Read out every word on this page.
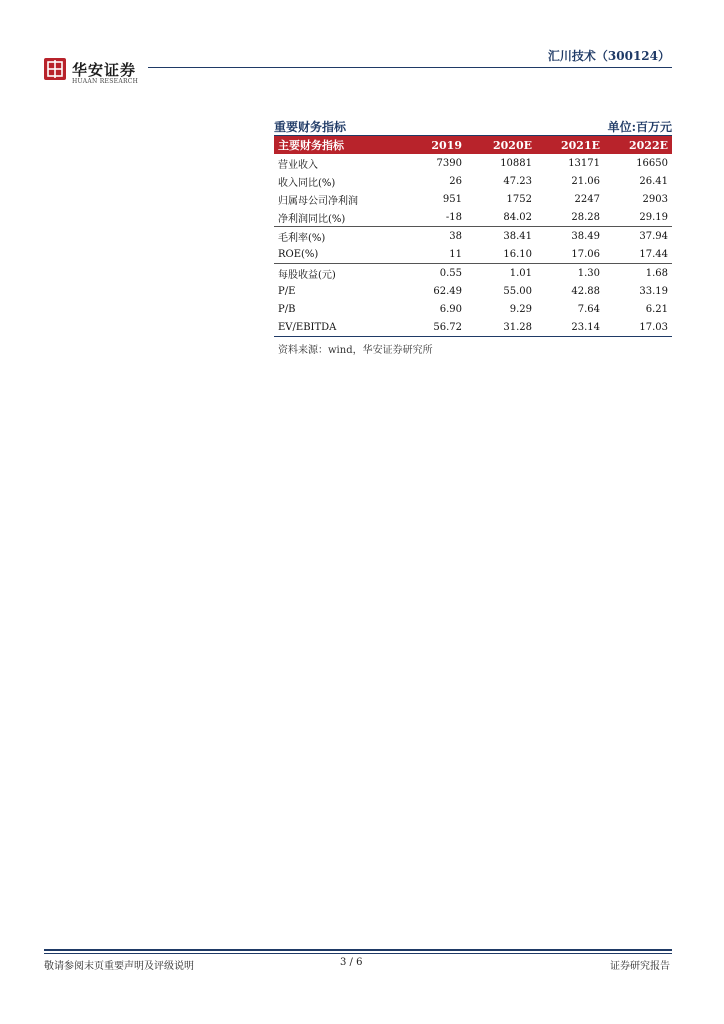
华安证券
HUAAN RESEARCH
汇川技术（300124）
重要财务指标	单位:百万元
主要财务指标	2019	2020E	2021E	2022E
营业收入	7390	10881	13171	16650
收入同比(%)	26	47.23	21.06	26.41
归属母公司净利润	951	1752	2247	2903
净利润同比(%)	-18	84.02	28.28	29.19
毛利率(%)	38	38.41	38.49	37.94
ROE(%)	11	16.10	17.06	17.44
每股收益(元)	0.55	1.01	1.30	1.68
P/E	62.49	55.00	42.88	33.19
P/B	6.90	9.29	7.64	6.21
EV/EBITDA	56.72	31.28	23.14	17.03
资料来源：wind，华安证券研究所
敬请参阅末页重要声明及评级说明	3 / 6	证券研究报告
